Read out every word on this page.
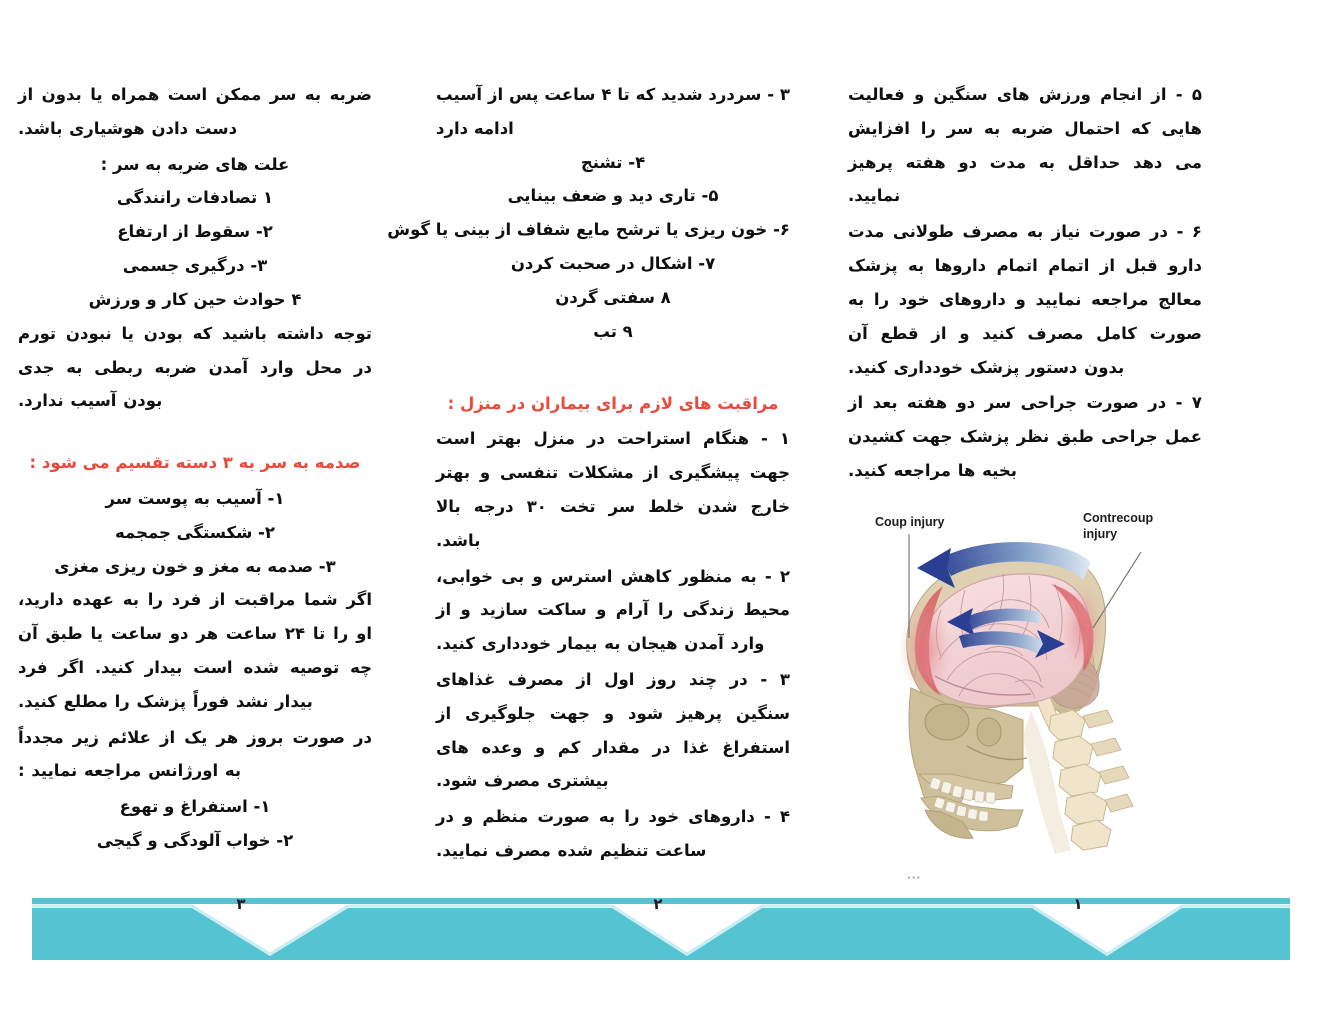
ضربه به سر ممکن است همراه یا بدون از دست دادن هوشیاری باشد.

علت های ضربه به سر :

۱ تصادفات رانندگی
۲- سقوط از ارتفاع
۳- درگیری جسمی
۴ حوادث حین کار و ورزش

توجه داشته باشید که بودن یا نبودن تورم در محل وارد آمدن ضربه ربطی به جدی بودن آسیب ندارد.

صدمه به سر به ۳ دسته تقسیم می شود :

۱- آسیب به پوست سر
۲- شکستگی جمجمه
۳- صدمه به مغز و خون ریزی مغزی

اگر شما مراقبت از فرد را به عهده دارید، او را تا ۲۴ ساعت هر دو ساعت یا طبق آن چه توصیه شده است بیدار کنید. اگر فرد بیدار نشد فوراً پزشک را مطلع کنید.

در صورت بروز هر یک از علائم زیر مجدداً به اورژانس مراجعه نمایید :

۱- استفراغ و تهوع
۲- خواب آلودگی و گیجی
۳ - سردرد شدید که تا ۴ ساعت پس از آسیب ادامه دارد
۴- تشنج
۵- تاری دید و ضعف بینایی
۶- خون ریزی یا ترشح مایع شفاف از بینی یا گوش
۷- اشکال در صحبت کردن
۸ سفتی گردن
۹ تب

مراقبت های لازم برای بیماران در منزل :

۱ - هنگام استراحت در منزل بهتر است جهت پیشگیری از مشکلات تنفسی و بهتر خارج شدن خلط سر تخت ۳۰ درجه بالا باشد.

۲ - به منظور کاهش استرس و بی خوابی، محیط زندگی را آرام و ساکت سازید و از وارد آمدن هیجان به بیمار خودداری کنید.

۳ - در چند روز اول از مصرف غذاهای سنگین پرهیز شود و جهت جلوگیری از استفراغ غذا در مقدار کم و وعده های بیشتری مصرف شود.

۴ - داروهای خود را به صورت منظم و در ساعت تنظیم شده مصرف نمایید.

۵ - از انجام ورزش های سنگین و فعالیت هایی که احتمال ضربه به سر را افزایش می دهد حداقل به مدت دو هفته پرهیز نمایید.

۶ - در صورت نیاز به مصرف طولانی مدت دارو قبل از اتمام اتمام داروها به پزشک معالج مراجعه نمایید و داروهای خود را به صورت کامل مصرف کنید و از قطع آن بدون دستور پزشک خودداری کنید.

۷ - در صورت جراحی سر دو هفته بعد از عمل جراحی طبق نظر پزشک جهت کشیدن بخیه ها مراجعه کنید.

Coup injury	Contrecoup
injury
•••
۳	۲	۱
